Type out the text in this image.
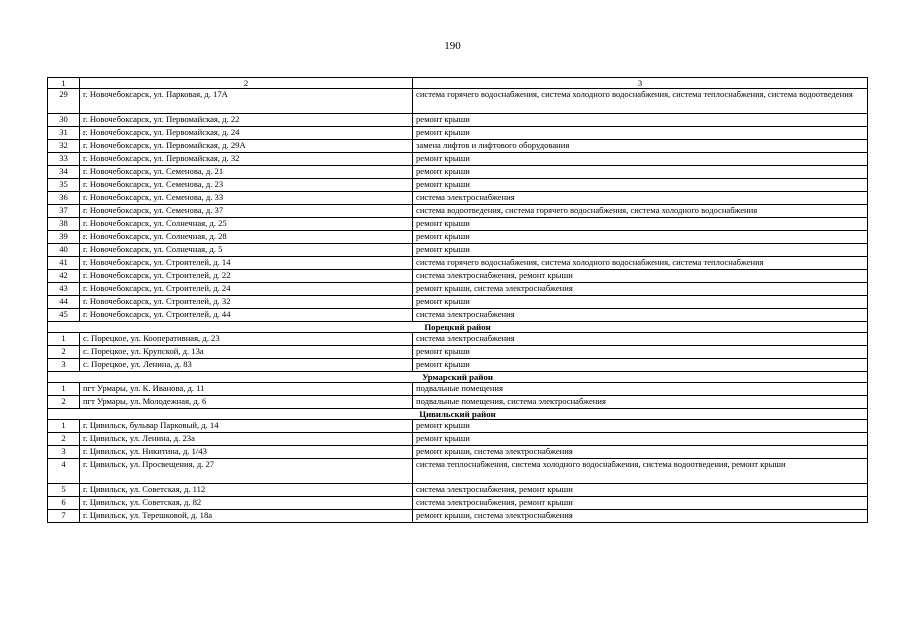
190
1	2	3
29	г. Новочебоксарск, ул. Парковая, д. 17А	система горячего водоснабжения, система холодного водоснабжения, система теплоснабжения, система водоотведения
30	г. Новочебоксарск, ул. Первомайская, д. 22	ремонт крыши
31	г. Новочебоксарск, ул. Первомайская, д. 24	ремонт крыши
32	г. Новочебоксарск, ул. Первомайская, д. 29А	замена лифтов и лифтового оборудования
33	г. Новочебоксарск, ул. Первомайская, д. 32	ремонт крыши
34	г. Новочебоксарск, ул. Семенова, д. 21	ремонт крыши
35	г. Новочебоксарск, ул. Семенова, д. 23	ремонт крыши
36	г. Новочебоксарск, ул. Семенова, д. 33	система электроснабжения
37	г. Новочебоксарск, ул. Семенова, д. 37	система водоотведения, система горячего водоснабжения, система холодного водоснабжения
38	г. Новочебоксарск, ул. Солнечная, д. 25	ремонт крыши
39	г. Новочебоксарск, ул. Солнечная, д. 28	ремонт крыши
40	г. Новочебоксарск, ул. Солнечная, д. 5	ремонт крыши
41	г. Новочебоксарск, ул. Строителей, д. 14	система горячего водоснабжения, система холодного водоснабжения, система теплоснабжения
42	г. Новочебоксарск, ул. Строителей, д. 22	система электроснабжения, ремонт крыши
43	г. Новочебоксарск, ул. Строителей, д. 24	ремонт крыши, система электроснабжения
44	г. Новочебоксарск, ул. Строителей, д. 32	ремонт крыши
45	г. Новочебоксарск, ул. Строителей, д. 44	система электроснабжения
Порецкий район		
1	с. Порецкое, ул. Кооперативная, д. 23	система электроснабжения
2	с. Порецкое, ул. Крупской, д. 13а	ремонт крыши
3	с. Порецкое, ул. Ленина, д. 83	ремонт крыши
Урмарский район		
1	пгт Урмары, ул. К. Иванова, д. 11	подвальные помещения
2	пгт Урмары, ул. Молодежная, д. 6	подвальные помещения, система электроснабжения
Цивильский район		
1	г. Цивильск, бульвар Парковый, д. 14	ремонт крыши
2	г. Цивильск, ул. Ленина, д. 23а	ремонт крыши
3	г. Цивильск, ул. Никитина, д. 1/43	ремонт крыши, система электроснабжения
4	г. Цивильск, ул. Просвещения, д. 27	система теплоснабжения, система холодного водоснабжения, система водоотведения, ремонт крыши
5	г. Цивильск, ул. Советская, д. 112	система электроснабжения, ремонт крыши
6	г. Цивильск, ул. Советская, д. 82	система электроснабжения, ремонт крыши
7	г. Цивильск, ул. Терешковой, д. 18а	ремонт крыши, система электроснабжения
